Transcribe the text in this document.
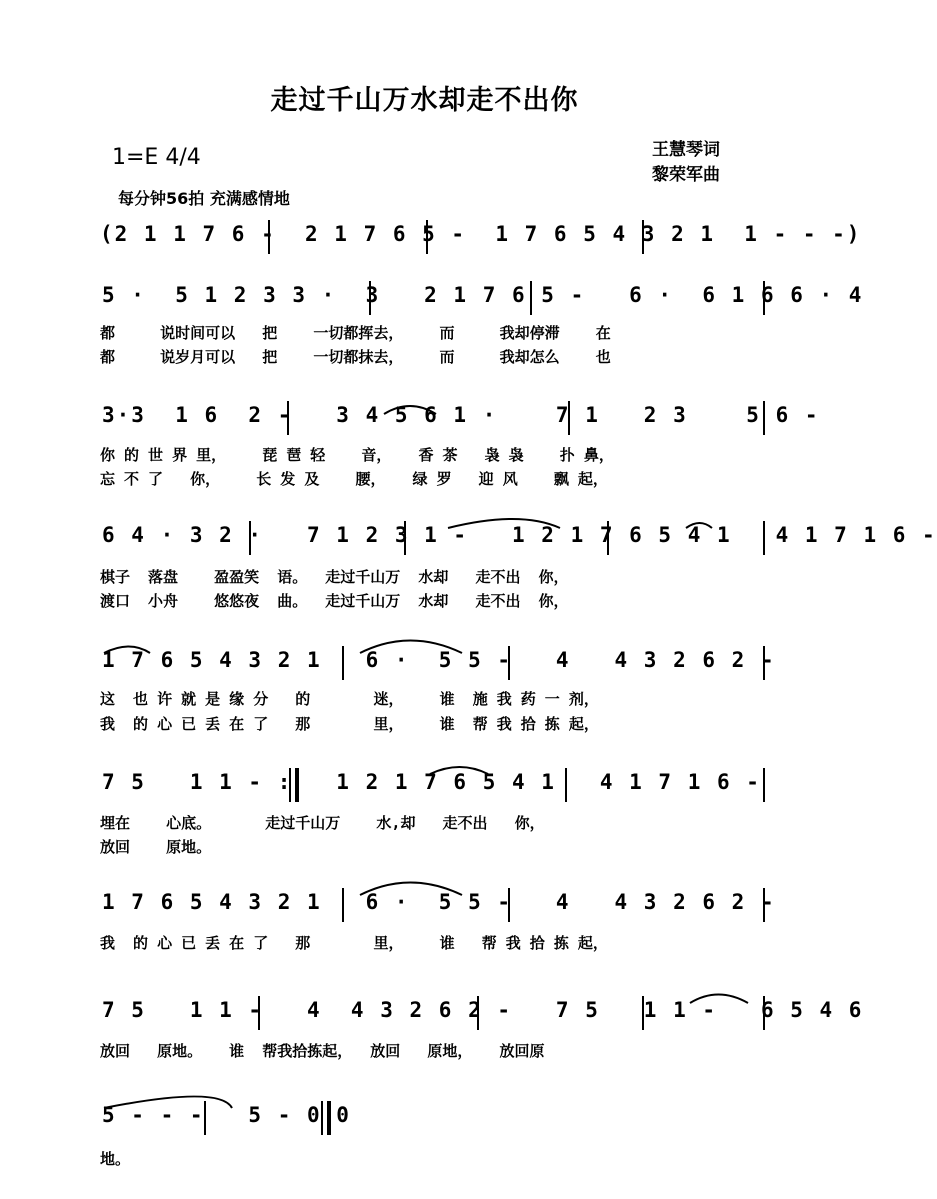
走过千山万水却走不出你
1=E 4/4	王慧琴词
黎荣军曲
每分钟56拍 充满感情地
(2 1 1 7 6 -  2 1 7 6 5 -  1 7 6 5 4 3 2 1  1 - - -)
5 ·  5 1 2 3 3 ·  3   2 1 7 6 5 -   6 ·  6 1 6 6 · 4
都     说时间可以   把    一切都挥去，    而     我却停滞    在
都     说岁月可以   把    一切都抹去，    而     我却怎么    也
3·3  1 6  2 -   3 4 5 6 1 ·    7 1   2 3    5 6 -
你 的 世 界 里，    琵 琶 轻    音，   香 茶   袅 袅    扑 鼻，
忘 不 了   你，    长 发 及    腰，   绿 罗   迎 风    飘 起，
6 4 · 3 2 ·   7 1 2 3 1 -   1 2 1 7 6 5 4 1   4 1 7 1 6 -
棋子  落盘    盈盈笑  语。  走过千山万  水却   走不出  你，
渡口  小舟    悠悠夜  曲。  走过千山万  水却   走不出  你，
1 7 6 5 4 3 2 1   6 ·  5 5 -   4   4 3 2 6 2 -
这  也 许 就 是 缘 分   的       迷，    谁  施 我 药 一 剂，
我  的 心 已 丢 在 了   那       里，    谁  帮 我 拾 拣 起，
7 5   1 1 - :   1 2 1 7 6 5 4 1   4 1 7 1 6 -
埋在    心底。      走过千山万    水,却   走不出   你，
放回    原地。
1 7 6 5 4 3 2 1   6 ·  5 5 -   4   4 3 2 6 2 -
我  的 心 已 丢 在 了   那       里，    谁   帮 我 拾 拣 起，
7 5   1 1 -   4  4 3 2 6 2 -   7 5   1 1 -   6 5 4 6
放回   原地。   谁  帮我拾拣起，  放回   原地，   放回原
5 - - -   5 - 0 0
地。
